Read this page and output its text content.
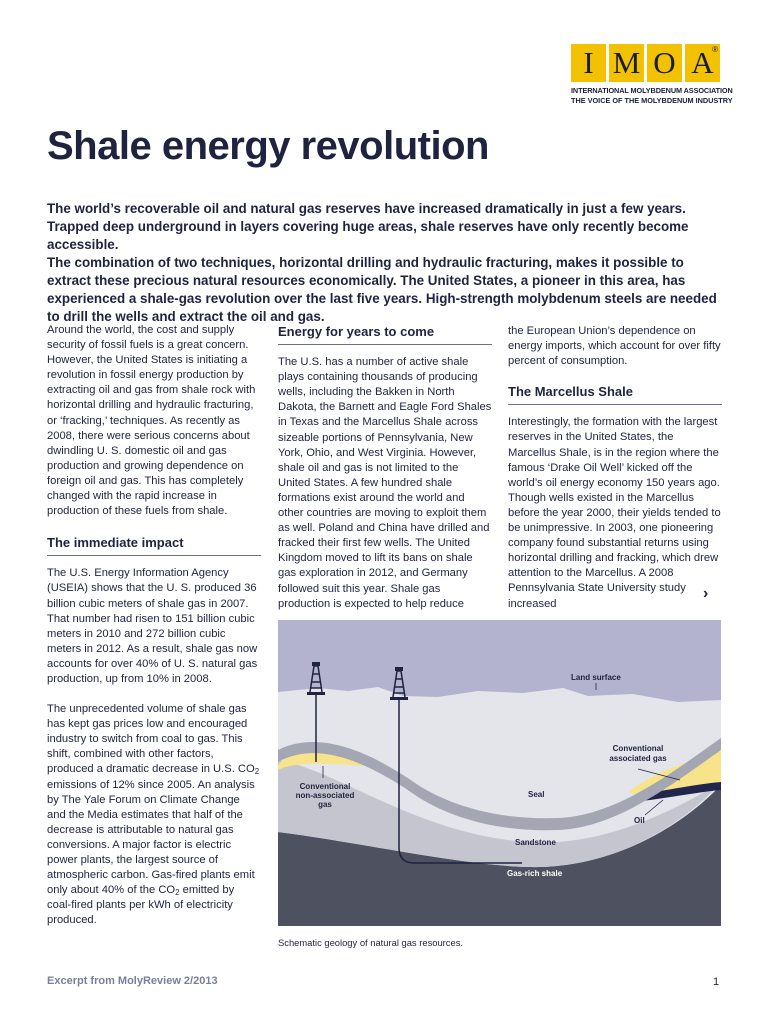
I M O A
®
INTERNATIONAL MOLYBDENUM ASSOCIATION
THE VOICE OF THE MOLYBDENUM INDUSTRY
Shale energy revolution

The world’s recoverable oil and natural gas reserves have increased dramatically in just a few years. Trapped deep underground in layers covering huge areas, shale reserves have only recently become accessible.

The combination of two techniques, horizontal drilling and hydraulic fracturing, makes it possible to extract these precious natural resources economically. The United States, a pioneer in this area, has experienced a shale-gas revolution over the last five years. High-strength molybdenum steels are needed to drill the wells and extract the oil and gas.

Around the world, the cost and supply security of fossil fuels is a great concern. However, the United States is initiating a revolution in fossil energy production by extracting oil and gas from shale rock with horizontal drilling and hydraulic fracturing, or ‘fracking,’ techniques. As recently as 2008, there were serious concerns about dwindling U. S. domestic oil and gas production and growing dependence on foreign oil and gas. This has completely changed with the rapid increase in production of these fuels from shale.

The immediate impact

The U.S. Energy Information Agency (USEIA) shows that the U. S. produced 36 billion cubic meters of shale gas in 2007. That number had risen to 151 billion cubic meters in 2010 and 272 billion cubic meters in 2012. As a result, shale gas now accounts for over 40% of U. S. natural gas production, up from 10% in 2008.

The unprecedented volume of shale gas has kept gas prices low and encouraged industry to switch from coal to gas. This shift, combined with other factors, produced a dramatic decrease in U.S. $CO_2$ emissions of 12% since 2005. An analysis by The Yale Forum on Climate Change and the Media estimates that half of the decrease is attributable to natural gas conversions. A major factor is electric power plants, the largest source of atmospheric carbon. Gas-fired plants emit only about 40% of the $CO_2$ emitted by coal-fired plants per kWh of electricity produced.

Energy for years to come

The U.S. has a number of active shale plays containing thousands of producing wells, including the Bakken in North Dakota, the Barnett and Eagle Ford Shales in Texas and the Marcellus Shale across sizeable portions of Pennsylvania, New York, Ohio, and West Virginia. However, shale oil and gas is not limited to the United States. A few hundred shale formations exist around the world and other countries are moving to exploit them as well. Poland and China have drilled and fracked their first few wells. The United Kingdom moved to lift its bans on shale gas exploration in 2012, and Germany followed suit this year. Shale gas production is expected to help reduce

the European Union’s dependence on energy imports, which account for over fifty percent of consumption.

The Marcellus Shale

Interestingly, the formation with the largest reserves in the United States, the Marcellus Shale, is in the region where the famous ‘Drake Oil Well’ kicked off the world’s oil energy economy 150 years ago. Though wells existed in the Marcellus before the year 2000, their yields tended to be unimpressive. In 2003, one pioneering company found substantial returns using horizontal drilling and fracking, which drew attention to the Marcellus. A 2008 Pennsylvania State University study increased

›
Land surface
Conventional
associated gas
Conventional
non-associated
gas
Seal
Oil
Sandstone
Gas-rich shale
Schematic geology of natural gas resources.
Excerpt from MolyReview 2/2013	1
